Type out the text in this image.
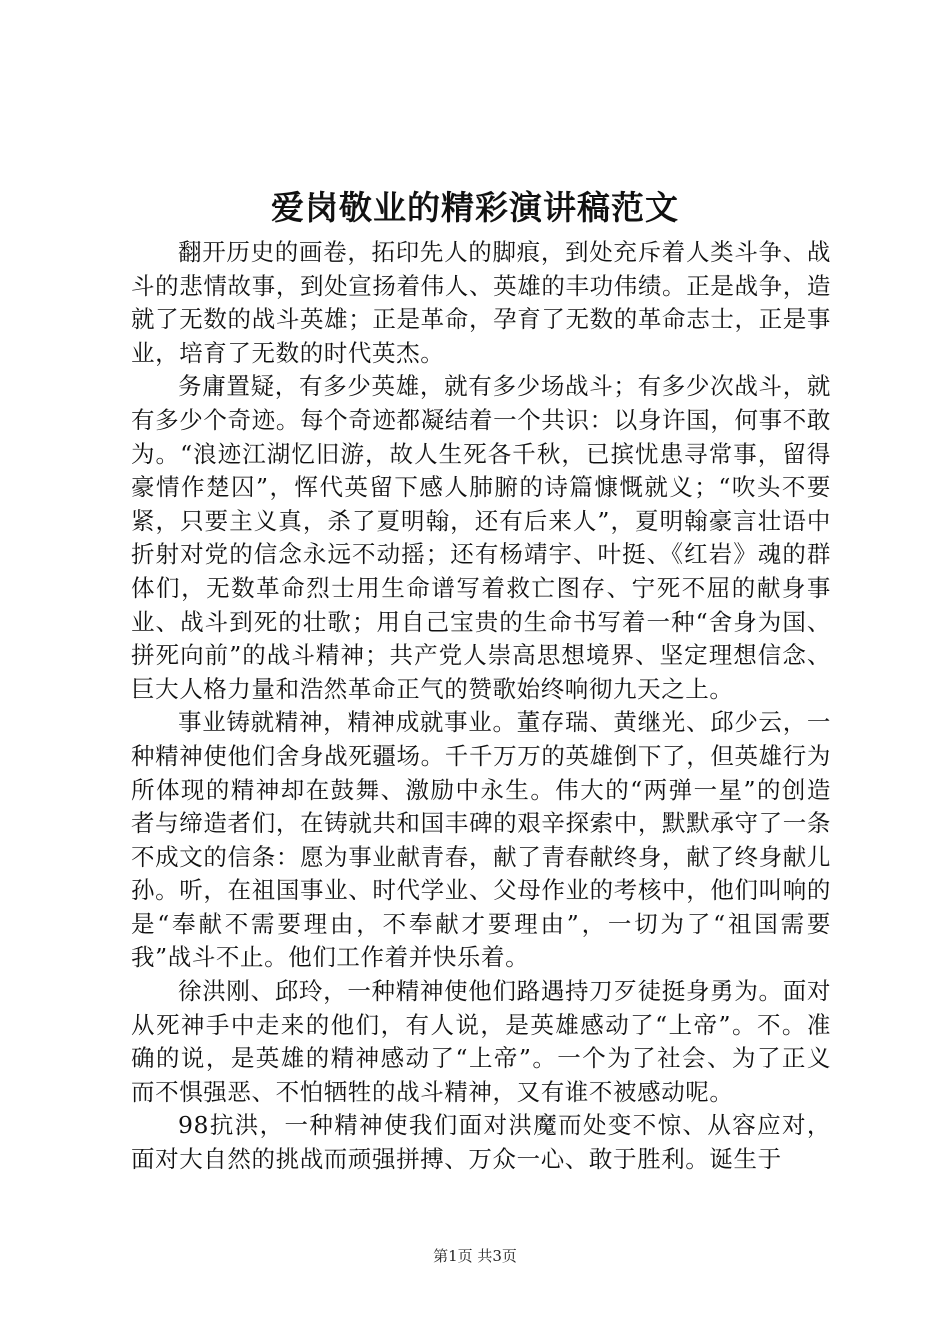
爱岗敬业的精彩演讲稿范文

翻开历史的画卷，拓印先人的脚痕，到处充斥着人类斗争、战斗的悲情故事，到处宣扬着伟人、英雄的丰功伟绩。正是战争，造就了无数的战斗英雄；正是革命，孕育了无数的革命志士，正是事业，培育了无数的时代英杰。

务庸置疑，有多少英雄，就有多少场战斗；有多少次战斗，就有多少个奇迹。每个奇迹都凝结着一个共识：以身许国，何事不敢为。“浪迹江湖忆旧游，故人生死各千秋，已摈忧患寻常事，留得豪情作楚囚”，恽代英留下感人肺腑的诗篇慷慨就义；“吹头不要紧，只要主义真，杀了夏明翰，还有后来人”，夏明翰豪言壮语中折射对党的信念永远不动摇；还有杨靖宇、叶挺、《红岩》魂的群体们，无数革命烈士用生命谱写着救亡图存、宁死不屈的献身事业、战斗到死的壮歌；用自己宝贵的生命书写着一种“舍身为国、拼死向前”的战斗精神；共产党人崇高思想境界、坚定理想信念、巨大人格力量和浩然革命正气的赞歌始终响彻九天之上。

事业铸就精神，精神成就事业。董存瑞、黄继光、邱少云，一种精神使他们舍身战死疆场。千千万万的英雄倒下了，但英雄行为所体现的精神却在鼓舞、激励中永生。伟大的“两弹一星”的创造者与缔造者们，在铸就共和国丰碑的艰辛探索中，默默承守了一条不成文的信条：愿为事业献青春，献了青春献终身，献了终身献儿孙。听，在祖国事业、时代学业、父母作业的考核中，他们叫响的是“奉献不需要理由，不奉献才要理由”，一切为了“祖国需要我”战斗不止。他们工作着并快乐着。

徐洪刚、邱玲，一种精神使他们路遇持刀歹徒挺身勇为。面对从死神手中走来的他们，有人说，是英雄感动了“上帝”。不。准确的说，是英雄的精神感动了“上帝”。一个为了社会、为了正义而不惧强恶、不怕牺牲的战斗精神，又有谁不被感动呢。

98抗洪，一种精神使我们面对洪魔而处变不惊、从容应对，面对大自然的挑战而顽强拼搏、万众一心、敢于胜利。诞生于

第1页 共3页
